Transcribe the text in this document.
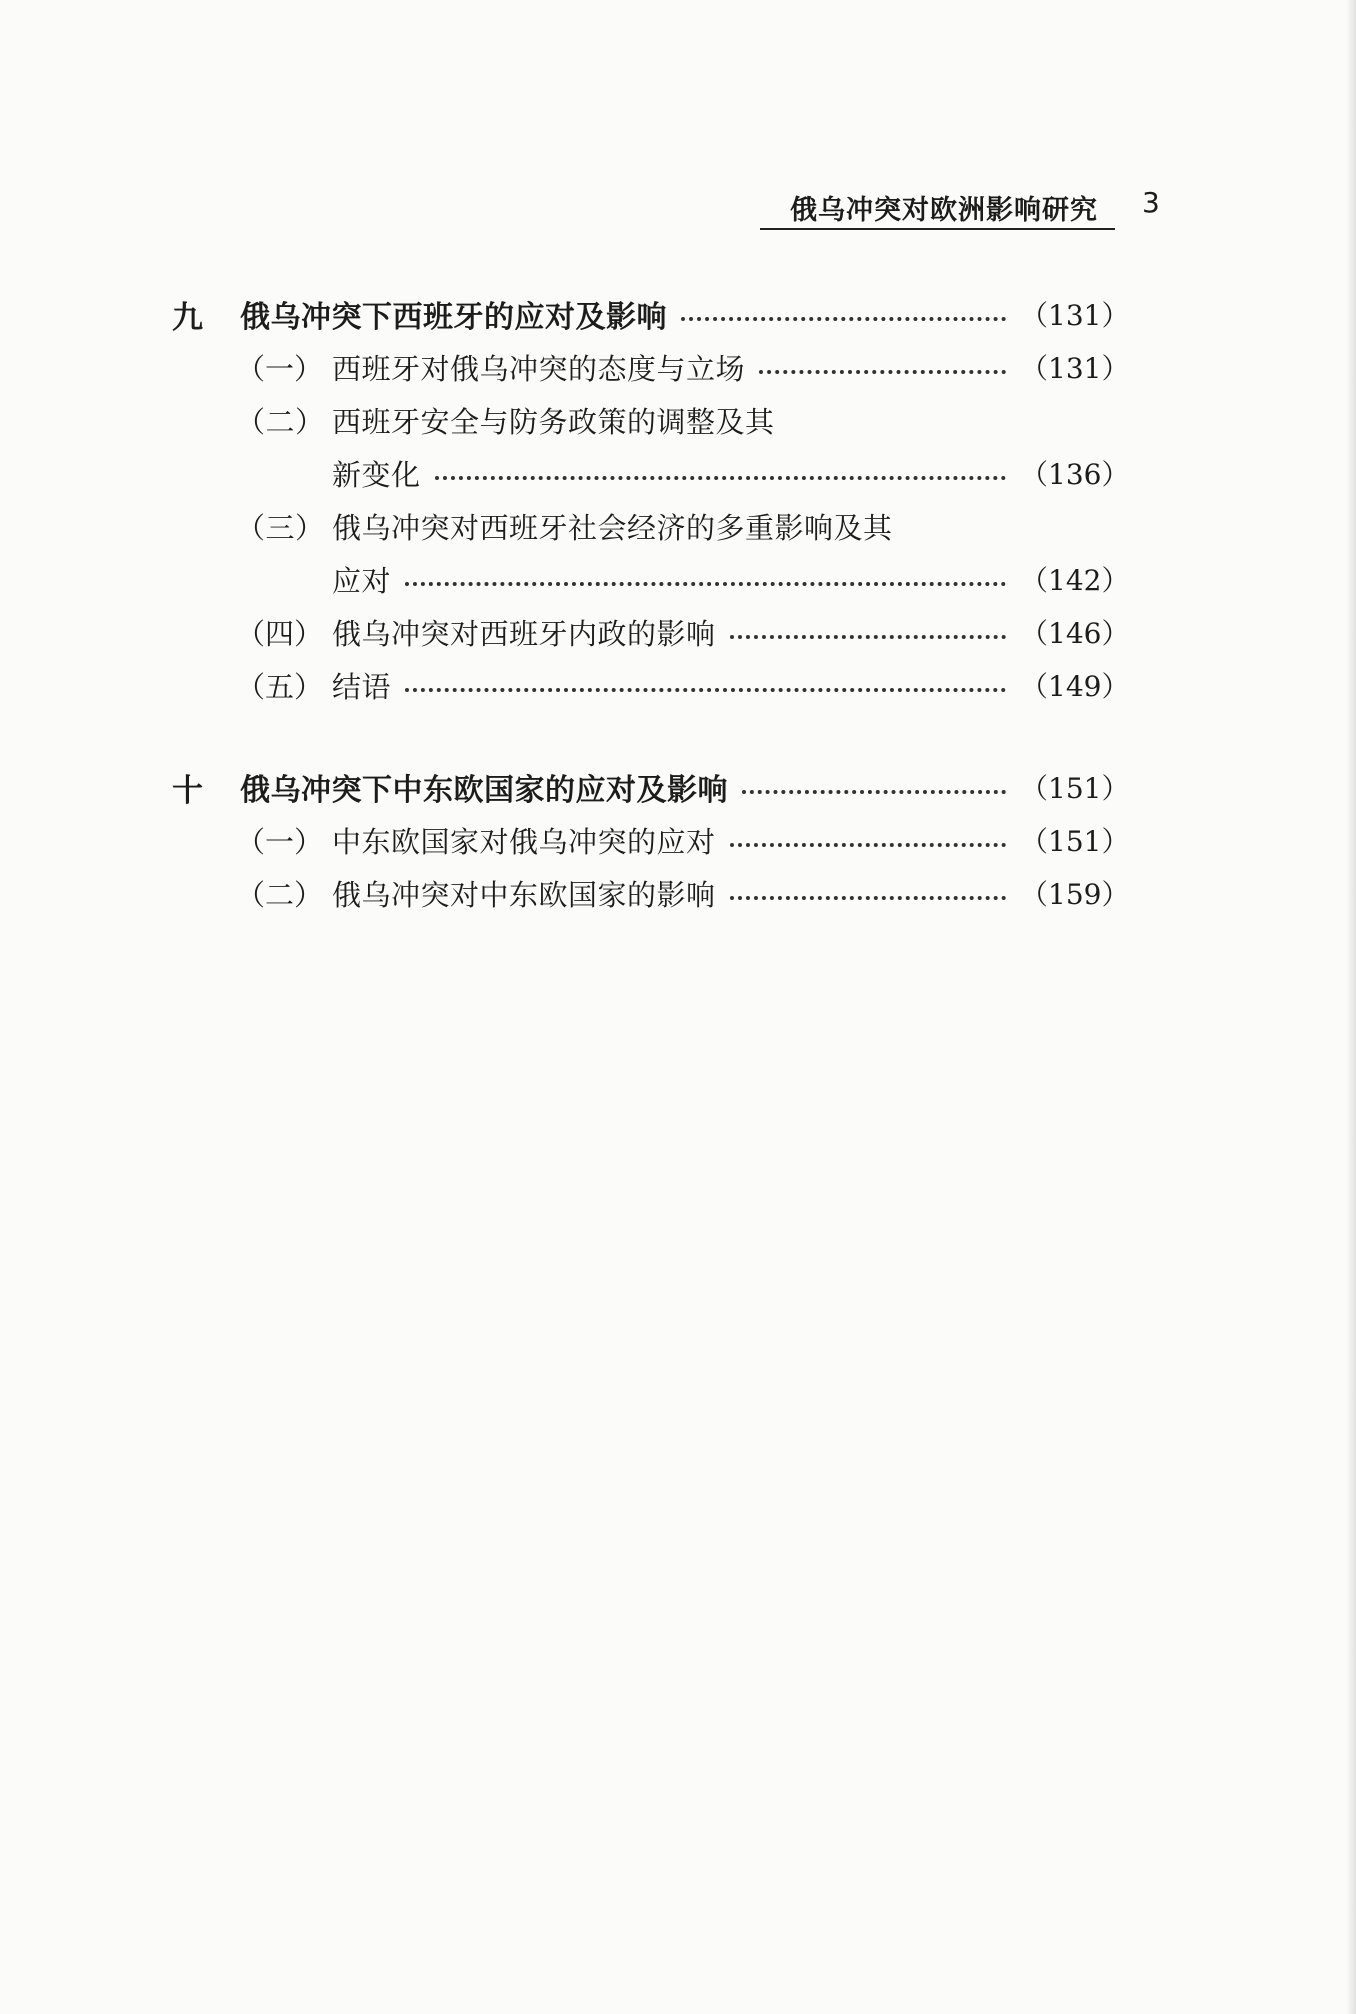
俄乌冲突对欧洲影响研究 3
九	俄乌冲突下西班牙的应对及影响	（131）
（一） 西班牙对俄乌冲突的态度与立场	（131）
（二） 西班牙安全与防务政策的调整及其
新变化	（136）
（三） 俄乌冲突对西班牙社会经济的多重影响及其
应对	（142）
（四） 俄乌冲突对西班牙内政的影响	（146）
（五） 结语	（149）
十	俄乌冲突下中东欧国家的应对及影响	（151）
（一） 中东欧国家对俄乌冲突的应对	（151）
（二） 俄乌冲突对中东欧国家的影响	（159）
